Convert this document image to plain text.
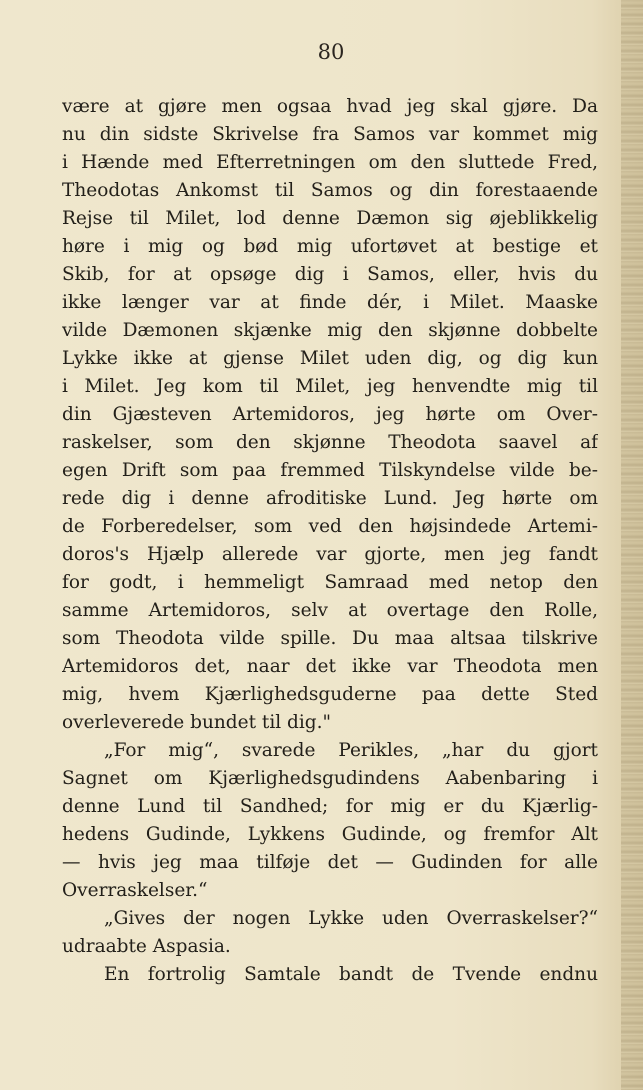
80
være at gjøre men ogsaa hvad jeg skal gjøre. Da
nu din sidste Skrivelse fra Samos var kommet mig
i Hænde med Efterretningen om den sluttede Fred,
Theodotas Ankomst til Samos og din forestaaende
Rejse til Milet, lod denne Dæmon sig øjeblikkelig
høre i mig og bød mig ufortøvet at bestige et
Skib, for at opsøge dig i Samos, eller, hvis du
ikke længer var at finde dér, i Milet. Maaske
vilde Dæmonen skjænke mig den skjønne dobbelte
Lykke ikke at gjense Milet uden dig, og dig kun
i Milet. Jeg kom til Milet, jeg henvendte mig til
din Gjæsteven Artemidoros, jeg hørte om Over-
raskelser, som den skjønne Theodota saavel af
egen Drift som paa fremmed Tilskyndelse vilde be-
rede dig i denne afroditiske Lund. Jeg hørte om
de Forberedelser, som ved den højsindede Artemi-
doros's Hjælp allerede var gjorte, men jeg fandt
for godt, i hemmeligt Samraad med netop den
samme Artemidoros, selv at overtage den Rolle,
som Theodota vilde spille. Du maa altsaa tilskrive
Artemidoros det, naar det ikke var Theodota men
mig, hvem Kjærlighedsguderne paa dette Sted
overleverede bundet til dig."
„For mig“, svarede Perikles, „har du gjort
Sagnet om Kjærlighedsgudindens Aabenbaring i
denne Lund til Sandhed; for mig er du Kjærlig-
hedens Gudinde, Lykkens Gudinde, og fremfor Alt
— hvis jeg maa tilføje det — Gudinden for alle
Overraskelser.“
„Gives der nogen Lykke uden Overraskelser?“
udraabte Aspasia.
En fortrolig Samtale bandt de Tvende endnu
